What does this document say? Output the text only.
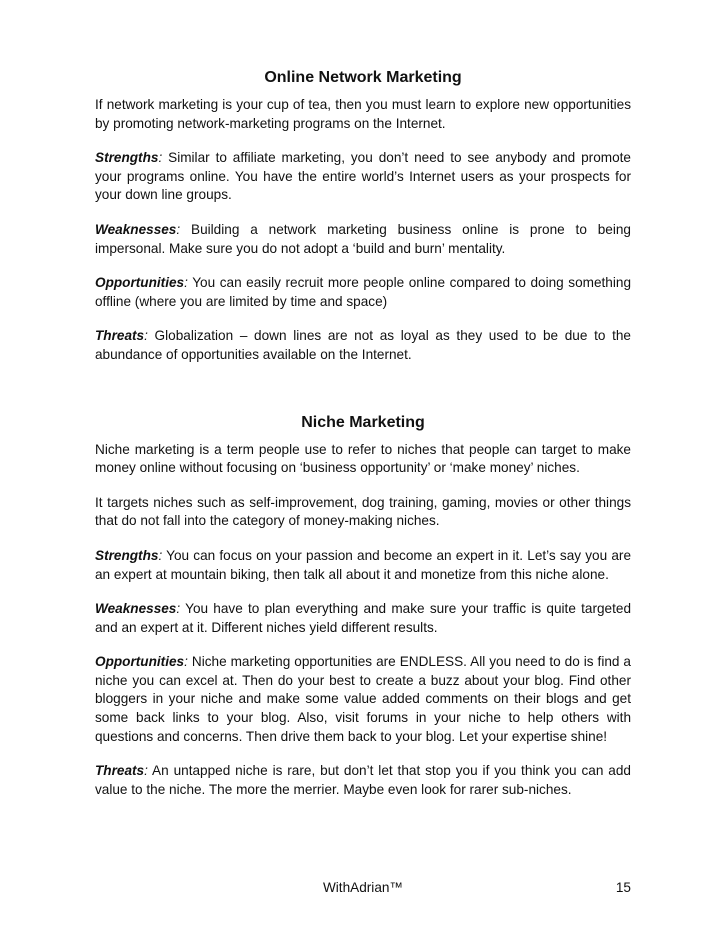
Online Network Marketing

If network marketing is your cup of tea, then you must learn to explore new opportunities by promoting network-marketing programs on the Internet.

Strengths: Similar to affiliate marketing, you don’t need to see anybody and promote your programs online. You have the entire world’s Internet users as your prospects for your down line groups.

Weaknesses: Building a network marketing business online is prone to being impersonal. Make sure you do not adopt a ‘build and burn’ mentality.

Opportunities: You can easily recruit more people online compared to doing something offline (where you are limited by time and space)

Threats: Globalization – down lines are not as loyal as they used to be due to the abundance of opportunities available on the Internet.

Niche Marketing

Niche marketing is a term people use to refer to niches that people can target to make money online without focusing on ‘business opportunity’ or ‘make money’ niches.

It targets niches such as self-improvement, dog training, gaming, movies or other things that do not fall into the category of money-making niches.

Strengths: You can focus on your passion and become an expert in it. Let’s say you are an expert at mountain biking, then talk all about it and monetize from this niche alone.

Weaknesses: You have to plan everything and make sure your traffic is quite targeted and an expert at it. Different niches yield different results.

Opportunities: Niche marketing opportunities are ENDLESS. All you need to do is find a niche you can excel at. Then do your best to create a buzz about your blog. Find other bloggers in your niche and make some value added comments on their blogs and get some back links to your blog. Also, visit forums in your niche to help others with questions and concerns. Then drive them back to your blog. Let your expertise shine!

Threats: An untapped niche is rare, but don’t let that stop you if you think you can add value to the niche. The more the merrier. Maybe even look for rarer sub-niches.

WithAdrian™	15
